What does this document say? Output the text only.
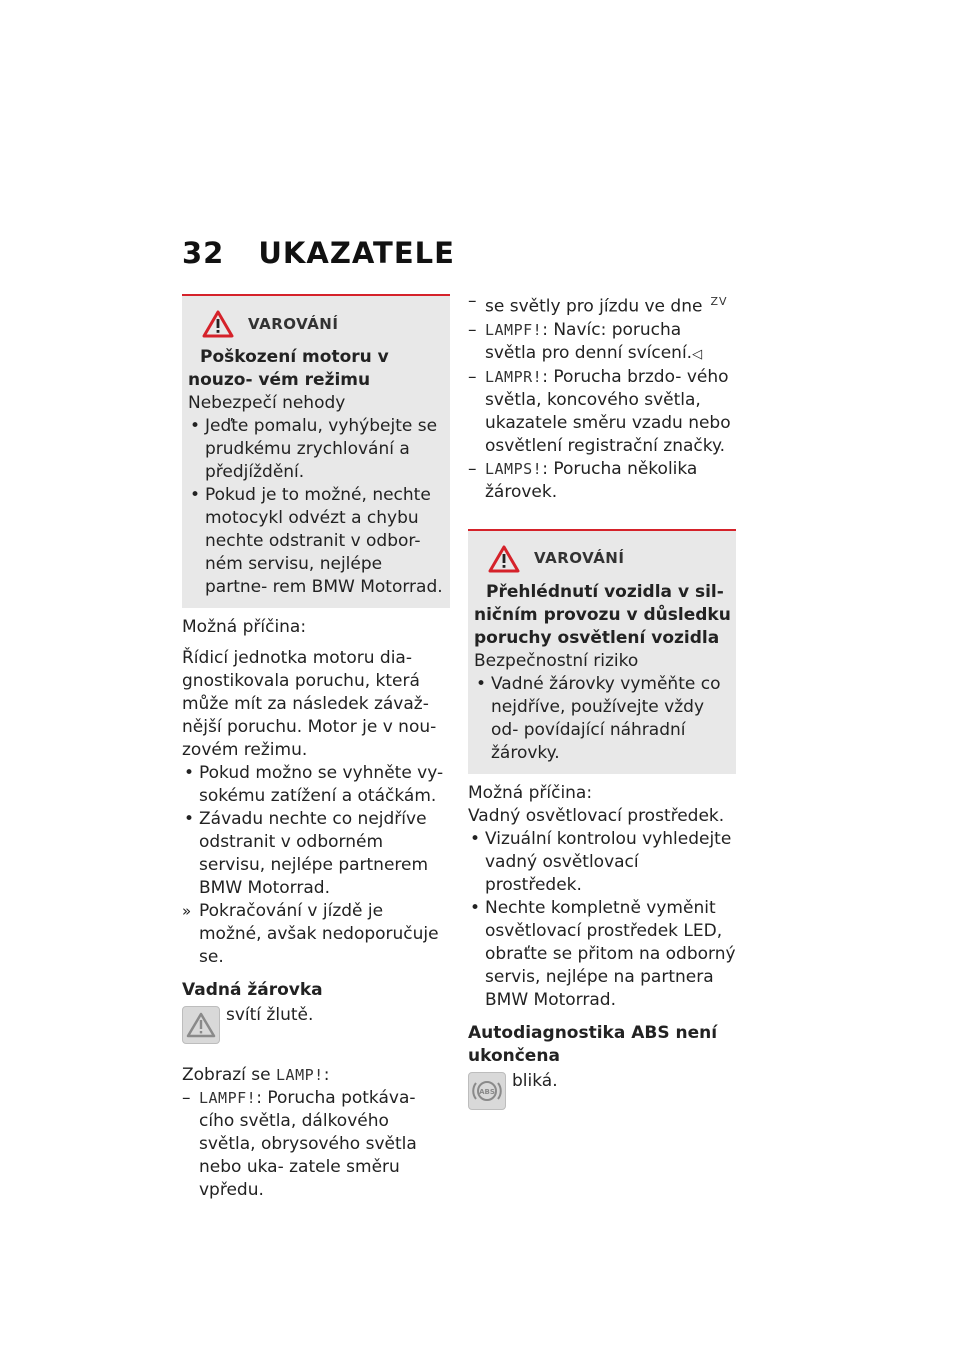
32 UKAZATELE
VAROVÁNÍ

Poškození motoru v nouzo- vém režimu

Nebezpečí nehody

• Jeďte pomalu, vyhýbejte se prudkému zrychlování a předjíždění.

• Pokud je to možné, nechte motocykl odvézt a chybu nechte odstranit v odbor- ném servisu, nejlépe partne- rem BMW Motorrad.

Možná příčina:

Řídicí jednotka motoru dia- gnostikovala poruchu, která může mít za následek závaž- nější poruchu. Motor je v nou- zovém režimu.

• Pokud možno se vyhněte vy- sokému zatížení a otáčkám.

• Závadu nechte co nejdříve odstranit v odborném servisu, nejlépe partnerem BMW Motorrad.

» Pokračování v jízdě je možné, avšak nedoporučuje se.

Vadná žárovka

svítí žlutě.

Zobrazí se LAMP!:

– LAMPF!: Porucha potkáva- cího světla, dálkového světla, obrysového světla nebo uka- zatele směru vpředu.

– se světly pro jízdu ve dne $^{ZV}$

– LAMPF!: Navíc: porucha světla pro denní svícení.◁

– LAMPR!: Porucha brzdo- vého světla, koncového světla, ukazatele směru vzadu nebo osvětlení registrační značky.

– LAMPS!: Porucha několika žárovek.

VAROVÁNÍ

Přehlédnutí vozidla v sil- ničním provozu v důsledku poruchy osvětlení vozidla

Bezpečnostní riziko

• Vadné žárovky vyměňte co nejdříve, používejte vždy od- povídající náhradní žárovky.

Možná příčina:

Vadný osvětlovací prostředek.

• Vizuální kontrolou vyhledejte vadný osvětlovací prostředek.

• Nechte kompletně vyměnit osvětlovací prostředek LED, obraťte se přitom na odborný servis, nejlépe na partnera BMW Motorrad.

Autodiagnostika ABS není ukončena

ABS
bliká.
